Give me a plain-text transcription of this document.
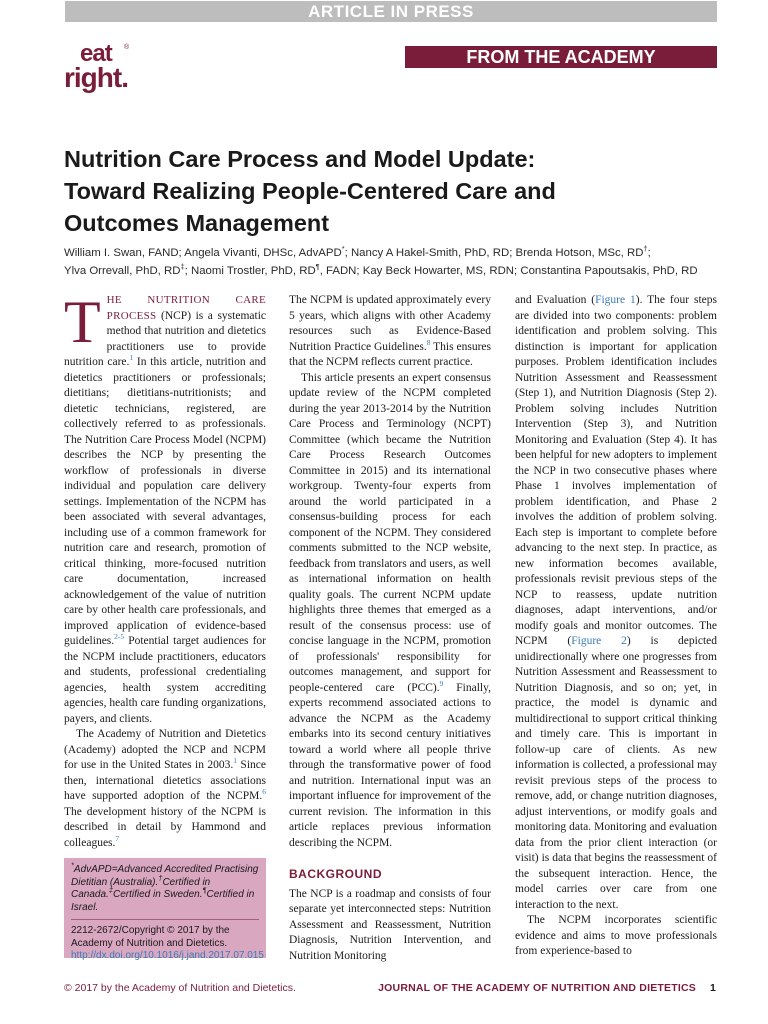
ARTICLE IN PRESS
eat ®
right.
FROM THE ACADEMY
Nutrition Care Process and Model Update:
Toward Realizing People-Centered Care and
Outcomes Management
William I. Swan, FAND; Angela Vivanti, DHSc, AdvAPD*; Nancy A Hakel-Smith, PhD, RD; Brenda Hotson, MSc, RD†;
Ylva Orrevall, PhD, RD‡; Naomi Trostler, PhD, RD¶, FADN; Kay Beck Howarter, MS, RDN; Constantina Papoutsakis, PhD, RD

THE NUTRITION CARE PROCESS (NCP) is a systematic method that nutrition and dietetics practitioners use to provide nutrition care.$^1$ In this article, nutrition and dietetics practitioners or professionals; dietitians; dietitians-nutritionists; and dietetic technicians, registered, are collectively referred to as professionals. The Nutrition Care Process Model (NCPM) describes the NCP by presenting the workflow of professionals in diverse individual and population care delivery settings. Implementation of the NCPM has been associated with several advantages, including use of a common framework for nutrition care and research, promotion of critical thinking, more-focused nutrition care documentation, increased acknowledgement of the value of nutrition care by other health care professionals, and improved application of evidence-based guidelines.$^{2-5}$ Potential target audiences for the NCPM include practitioners, educators and students, professional credentialing agencies, health system accrediting agencies, health care funding organizations, payers, and clients.

The Academy of Nutrition and Dietetics (Academy) adopted the NCP and NCPM for use in the United States in 2003.$^1$ Since then, international dietetics associations have supported adoption of the NCPM.$^6$ The development history of the NCPM is described in detail by Hammond and colleagues.$^7$

*AdvAPD=Advanced Accredited Practising Dietitian (Australia).†Certified in Canada.‡Certified in Sweden.¶Certified in Israel.
2212-2672/Copyright © 2017 by the Academy of Nutrition and Dietetics.
http://dx.doi.org/10.1016/j.jand.2017.07.015

The NCPM is updated approximately every 5 years, which aligns with other Academy resources such as Evidence-Based Nutrition Practice Guidelines.$^8$ This ensures that the NCPM reflects current practice.

This article presents an expert consensus update review of the NCPM completed during the year 2013-2014 by the Nutrition Care Process and Terminology (NCPT) Committee (which became the Nutrition Care Process Research Outcomes Committee in 2015) and its international workgroup. Twenty-four experts from around the world participated in a consensus-building process for each component of the NCPM. They considered comments submitted to the NCP website, feedback from translators and users, as well as international information on health quality goals. The current NCPM update highlights three themes that emerged as a result of the consensus process: use of concise language in the NCPM, promotion of professionals' responsibility for outcomes management, and support for people-centered care (PCC).$^9$ Finally, experts recommend associated actions to advance the NCPM as the Academy embarks into its second century initiatives toward a world where all people thrive through the transformative power of food and nutrition. International input was an important influence for improvement of the current revision. The information in this article replaces previous information describing the NCPM.

BACKGROUND

The NCP is a roadmap and consists of four separate yet interconnected steps: Nutrition Assessment and Reassessment, Nutrition Diagnosis, Nutrition Intervention, and Nutrition Monitoring

and Evaluation (Figure 1). The four steps are divided into two components: problem identification and problem solving. This distinction is important for application purposes. Problem identification includes Nutrition Assessment and Reassessment (Step 1), and Nutrition Diagnosis (Step 2). Problem solving includes Nutrition Intervention (Step 3), and Nutrition Monitoring and Evaluation (Step 4). It has been helpful for new adopters to implement the NCP in two consecutive phases where Phase 1 involves implementation of problem identification, and Phase 2 involves the addition of problem solving. Each step is important to complete before advancing to the next step. In practice, as new information becomes available, professionals revisit previous steps of the NCP to reassess, update nutrition diagnoses, adapt interventions, and/or modify goals and monitor outcomes. The NCPM (Figure 2) is depicted unidirectionally where one progresses from Nutrition Assessment and Reassessment to Nutrition Diagnosis, and so on; yet, in practice, the model is dynamic and multidirectional to support critical thinking and timely care. This is important in follow-up care of clients. As new information is collected, a professional may revisit previous steps of the process to remove, add, or change nutrition diagnoses, adjust interventions, or modify goals and monitoring data. Monitoring and evaluation data from the prior client interaction (or visit) is data that begins the reassessment of the subsequent interaction. Hence, the model carries over care from one interaction to the next.

The NCPM incorporates scientific evidence and aims to move professionals from experience-based to

© 2017 by the Academy of Nutrition and Dietetics.	JOURNAL OF THE ACADEMY OF NUTRITION AND DIETETICS 1
